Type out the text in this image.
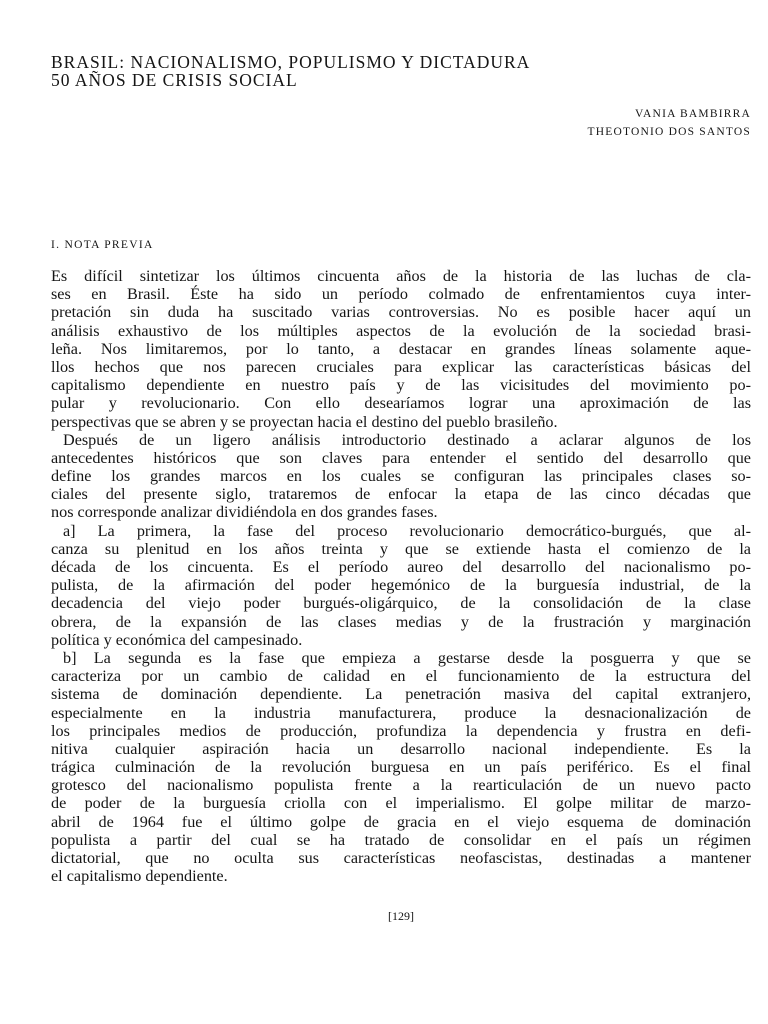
BRASIL: NACIONALISMO, POPULISMO Y DICTADURA
50 AÑOS DE CRISIS SOCIAL
VANIA BAMBIRRA
THEOTONIO DOS SANTOS
I. NOTA PREVIA
Es difícil sintetizar los últimos cincuenta años de la historia de las luchas de cla-
ses en Brasil. Éste ha sido un período colmado de enfrentamientos cuya inter-
pretación sin duda ha suscitado varias controversias. No es posible hacer aquí un
análisis exhaustivo de los múltiples aspectos de la evolución de la sociedad brasi-
leña. Nos limitaremos, por lo tanto, a destacar en grandes líneas solamente aque-
llos hechos que nos parecen cruciales para explicar las características básicas del
capitalismo dependiente en nuestro país y de las vicisitudes del movimiento po-
pular y revolucionario. Con ello desearíamos lograr una aproximación de las
perspectivas que se abren y se proyectan hacia el destino del pueblo brasileño.
Después de un ligero análisis introductorio destinado a aclarar algunos de los
antecedentes históricos que son claves para entender el sentido del desarrollo que
define los grandes marcos en los cuales se configuran las principales clases so-
ciales del presente siglo, trataremos de enfocar la etapa de las cinco décadas que
nos corresponde analizar dividiéndola en dos grandes fases.
a] La primera, la fase del proceso revolucionario democrático-burgués, que al-
canza su plenitud en los años treinta y que se extiende hasta el comienzo de la
década de los cincuenta. Es el período aureo del desarrollo del nacionalismo po-
pulista, de la afirmación del poder hegemónico de la burguesía industrial, de la
decadencia del viejo poder burgués-oligárquico, de la consolidación de la clase
obrera, de la expansión de las clases medias y de la frustración y marginación
política y económica del campesinado.
b] La segunda es la fase que empieza a gestarse desde la posguerra y que se
caracteriza por un cambio de calidad en el funcionamiento de la estructura del
sistema de dominación dependiente. La penetración masiva del capital extranjero,
especialmente en la industria manufacturera, produce la desnacionalización de
los principales medios de producción, profundiza la dependencia y frustra en defi-
nitiva cualquier aspiración hacia un desarrollo nacional independiente. Es la
trágica culminación de la revolución burguesa en un país periférico. Es el final
grotesco del nacionalismo populista frente a la rearticulación de un nuevo pacto
de poder de la burguesía criolla con el imperialismo. El golpe militar de marzo-
abril de 1964 fue el último golpe de gracia en el viejo esquema de dominación
populista a partir del cual se ha tratado de consolidar en el país un régimen
dictatorial, que no oculta sus características neofascistas, destinadas a mantener
el capitalismo dependiente.
[129]
